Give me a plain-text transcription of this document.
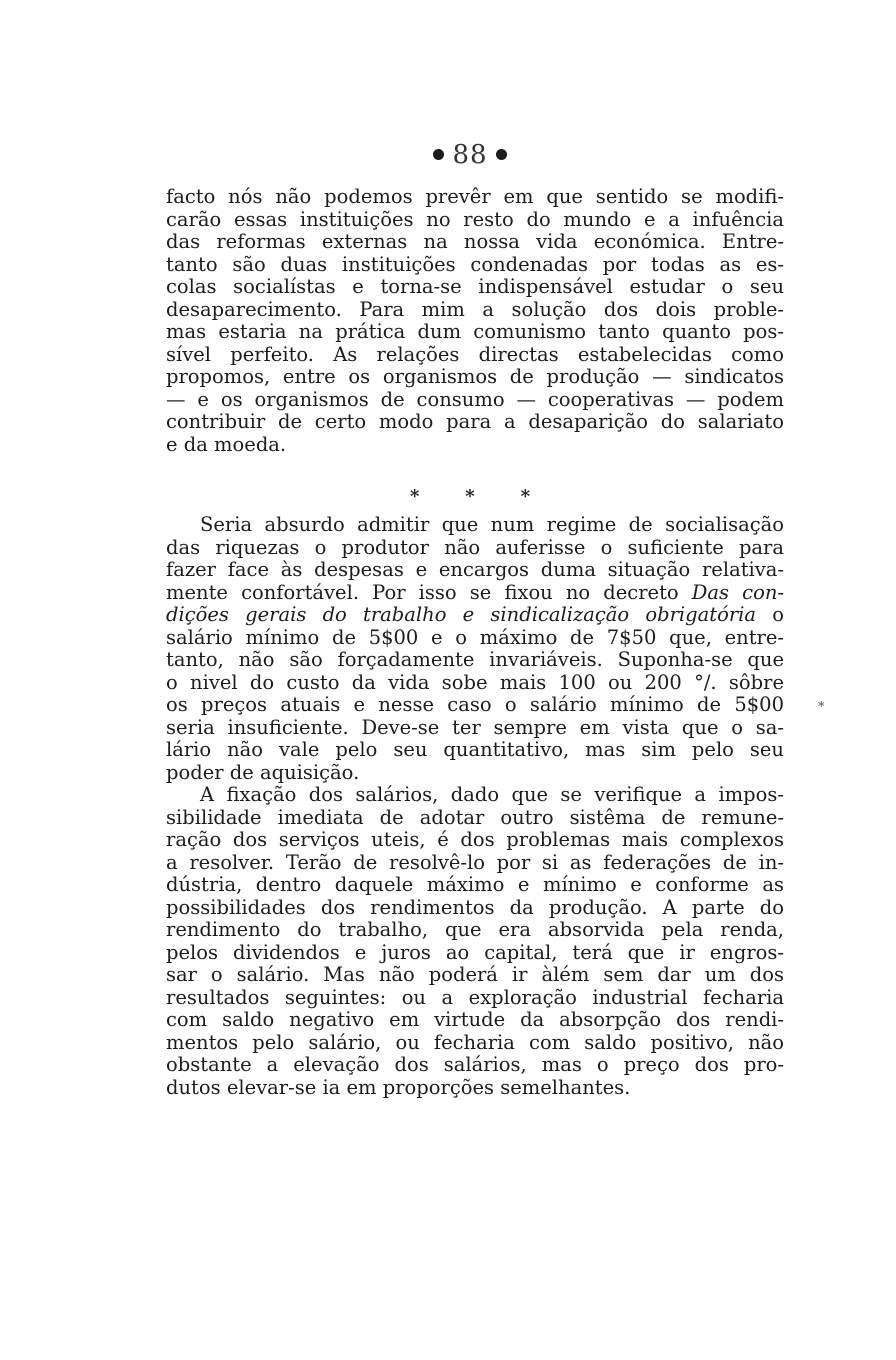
88
facto nós não podemos prevêr em que sentido se modifi-
carão essas instituições no resto do mundo e a infuência
das reformas externas na nossa vida económica. Entre-
tanto são duas instituições condenadas por todas as es-
colas socialístas e torna-se indispensável estudar o seu
desaparecimento. Para mim a solução dos dois proble-
mas estaria na prática dum comunismo tanto quanto pos-
sível perfeito. As relações directas estabelecidas como
propomos, entre os organismos de produção — sindicatos
— e os organismos de consumo — cooperativas — podem
contribuir de certo modo para a desaparição do salariato
e da moeda.
*	*	*
Seria absurdo admitir que num regime de socialisação
das riquezas o produtor não auferisse o suficiente para
fazer face às despesas e encargos duma situação relativa-
mente confortável. Por isso se fixou no decreto Das con-
dições gerais do trabalho e sindicalização obrigatória o
salário mínimo de 5$00 e o máximo de 7$50 que, entre-
tanto, não são forçadamente invariáveis. Suponha-se que
o nivel do custo da vida sobe mais 100 ou 200 °/. sôbre
os preços atuais e nesse caso o salário mínimo de 5$00
seria insuficiente. Deve-se ter sempre em vista que o sa-
lário não vale pelo seu quantitativo, mas sim pelo seu
poder de aquisição.
A fixação dos salários, dado que se verifique a impos-
sibilidade imediata de adotar outro sistêma de remune-
ração dos serviços uteis, é dos problemas mais complexos
a resolver. Terão de resolvê-lo por si as federações de in-
dústria, dentro daquele máximo e mínimo e conforme as
possibilidades dos rendimentos da produção. A parte do
rendimento do trabalho, que era absorvida pela renda,
pelos dividendos e juros ao capital, terá que ir engros-
sar o salário. Mas não poderá ir àlém sem dar um dos
resultados seguintes: ou a exploração industrial fecharia
com saldo negativo em virtude da absorpção dos rendi-
mentos pelo salário, ou fecharia com saldo positivo, não
obstante a elevação dos salários, mas o preço dos pro-
dutos elevar-se ia em proporções semelhantes.
*
